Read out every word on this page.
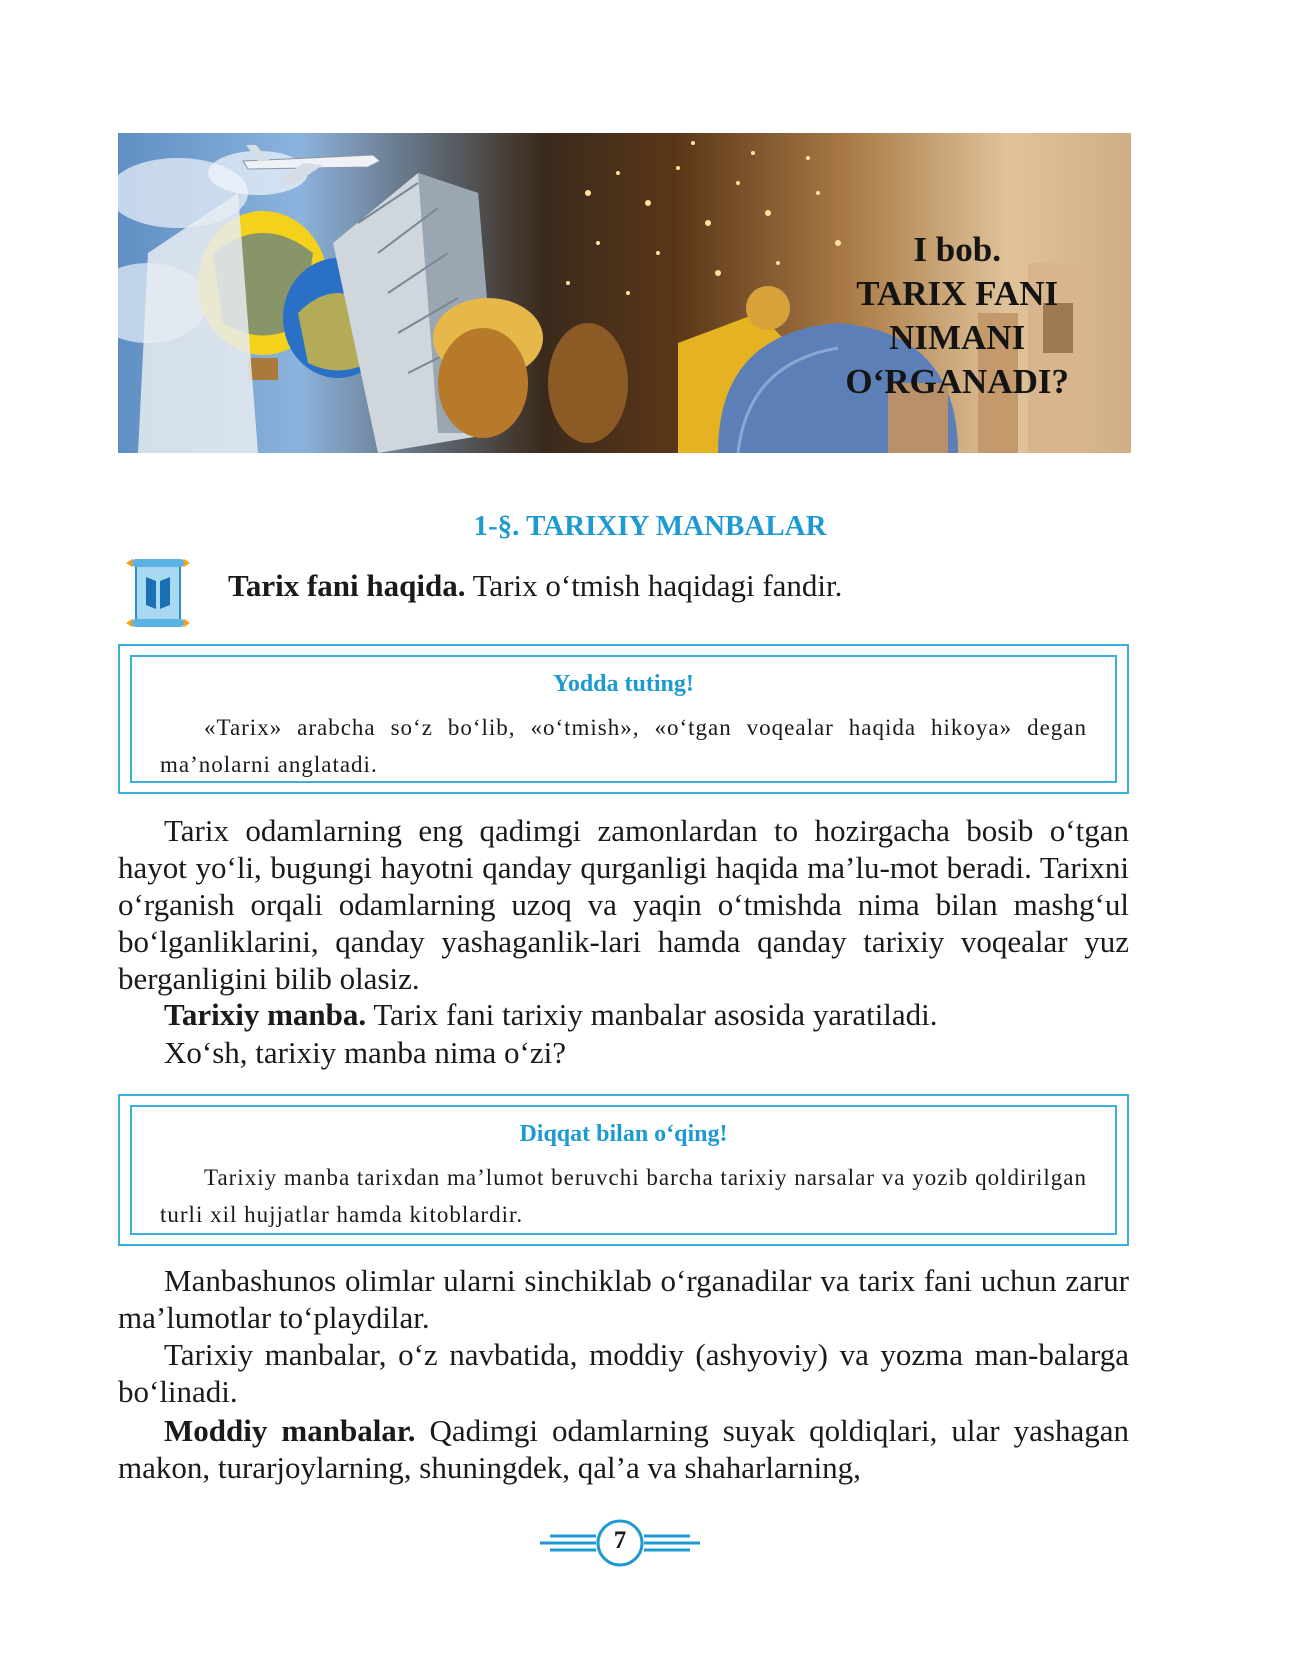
I bob.
TARIX FANI
NIMANI
O‘RGANADI?
1-§. TARIXIY MANBALAR
Tarix fani haqida. Tarix o‘tmish haqidagi fandir.
Yodda tuting!
«Tarix» arabcha so‘z bo‘lib, «o‘tmish», «o‘tgan voqealar haqida hikoya» degan ma’nolarni anglatadi.
Tarix odamlarning eng qadimgi zamonlardan to hozirgacha bosib o‘tgan hayot yo‘li, bugungi hayotni qanday qurganligi haqida ma’lu-mot beradi. Tarixni o‘rganish orqali odamlarning uzoq va yaqin o‘tmishda nima bilan mashg‘ul bo‘lganliklarini, qanday yashaganlik-lari hamda qanday tarixiy voqealar yuz berganligini bilib olasiz.
Tarixiy manba. Tarix fani tarixiy manbalar asosida yaratiladi.
Xo‘sh, tarixiy manba nima o‘zi?
Diqqat bilan o‘qing!
Tarixiy manba tarixdan ma’lumot beruvchi barcha tarixiy narsalar va yozib qoldirilgan turli xil hujjatlar hamda kitoblardir.
Manbashunos olimlar ularni sinchiklab o‘rganadilar va tarix fani uchun zarur ma’lumotlar to‘playdilar.
Tarixiy manbalar, o‘z navbatida, moddiy (ashyoviy) va yozma man-balarga bo‘linadi.
Moddiy manbalar. Qadimgi odamlarning suyak qoldiqlari, ular yashagan makon, turarjoylarning, shuningdek, qal’a va shaharlarning,
7
